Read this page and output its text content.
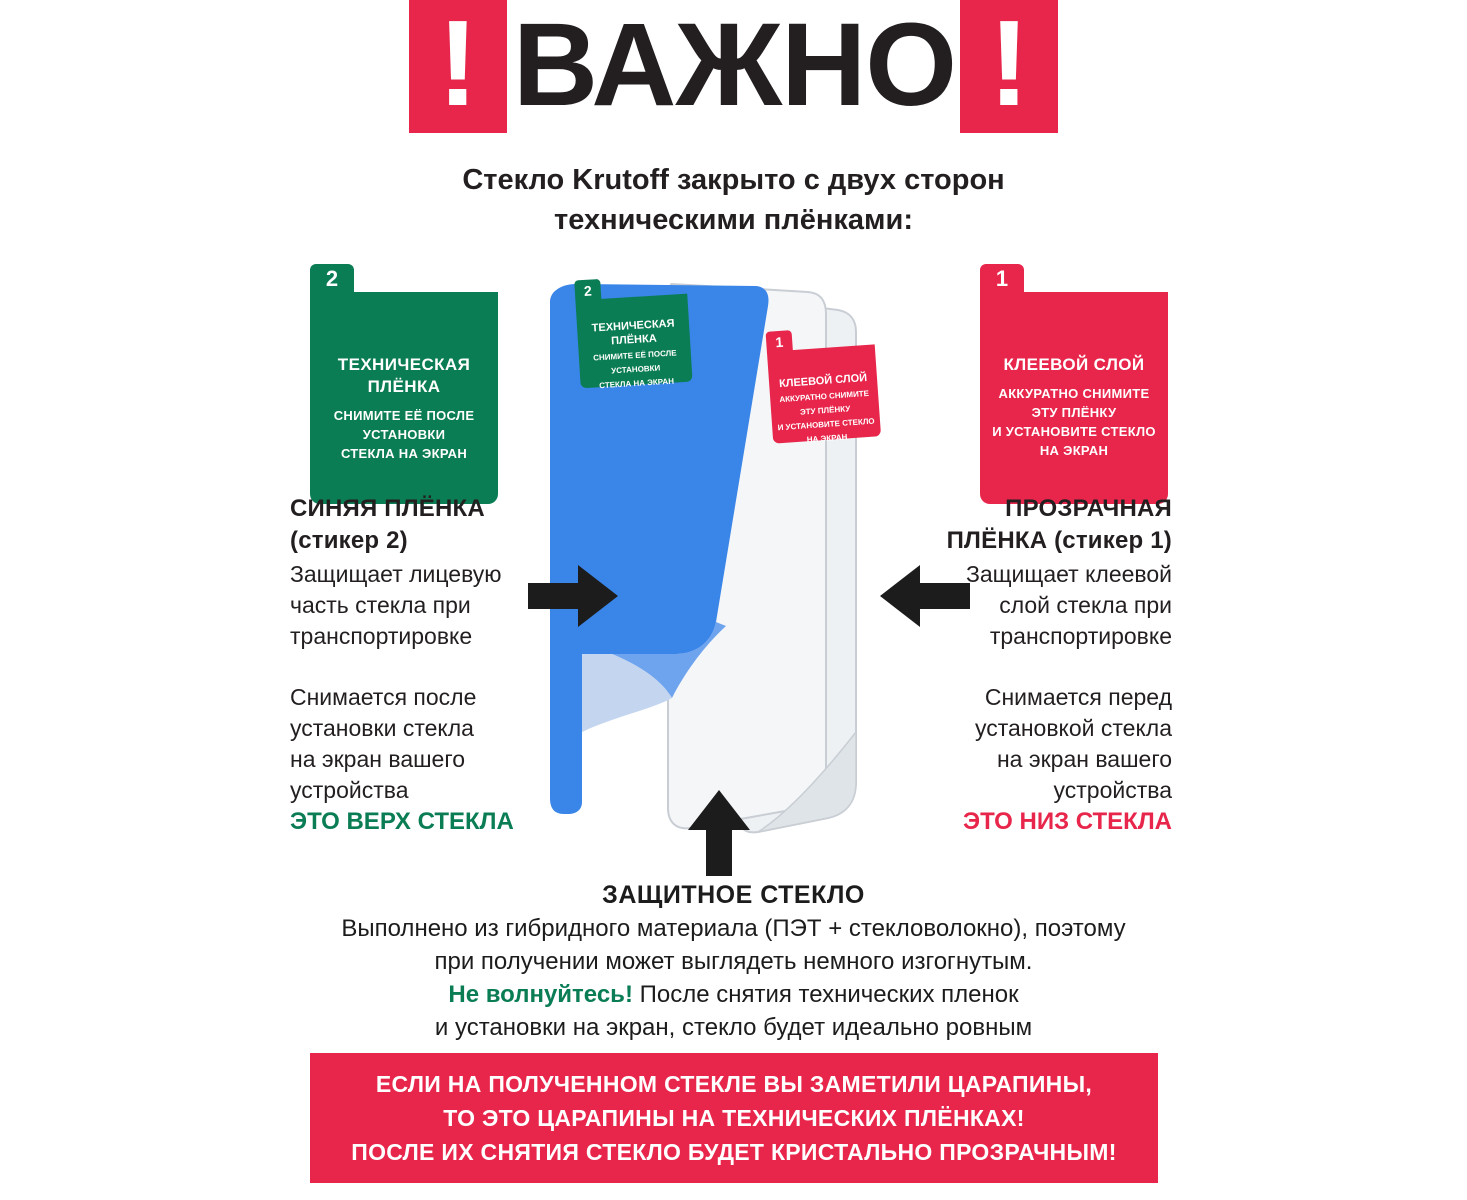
! ВАЖНО !
Стекло Krutoff закрыто с двух сторон
техническими плёнками:
2
ТЕХНИЧЕСКАЯ ПЛЁНКА
СНИМИТЕ ЕЁ ПОСЛЕ
УСТАНОВКИ
СТЕКЛА НА ЭКРАН
1
КЛЕЕВОЙ СЛОЙ
АККУРАТНО СНИМИТЕ
ЭТУ ПЛЁНКУ
И УСТАНОВИТЕ СТЕКЛО
НА ЭКРАН
2
ТЕХНИЧЕСКАЯ
ПЛЁНКА
СНИМИТЕ ЕЁ ПОСЛЕ
УСТАНОВКИ
СТЕКЛА НА ЭКРАН
1
КЛЕЕВОЙ СЛОЙ
АККУРАТНО СНИМИТЕ
ЭТУ ПЛЁНКУ
И УСТАНОВИТЕ СТЕКЛО
НА ЭКРАН
СИНЯЯ ПЛЁНКА
(стикер 2)

Защищает лицевую

часть стекла при

транспортировке

Снимается после

установки стекла

на экран вашего

устройства

ЭТО ВЕРХ СТЕКЛА

ПРОЗРАЧНАЯ
ПЛЁНКА (стикер 1)

Защищает клеевой

слой стекла при

транспортировке

Снимается перед

установкой стекла

на экран вашего

устройства

ЭТО НИЗ СТЕКЛА

ЗАЩИТНОЕ СТЕКЛО

Выполнено из гибридного материала (ПЭТ + стекловолокно), поэтому

при получении может выглядеть немного изгогнутым.

Не волнуйтесь! После снятия технических пленок

и установки на экран, стекло будет идеально ровным

ЕСЛИ НА ПОЛУЧЕННОМ СТЕКЛЕ ВЫ ЗАМЕТИЛИ ЦАРАПИНЫ,
ТО ЭТО ЦАРАПИНЫ НА ТЕХНИЧЕСКИХ ПЛЁНКАХ!
ПОСЛЕ ИХ СНЯТИЯ СТЕКЛО БУДЕТ КРИСТАЛЬНО ПРОЗРАЧНЫМ!
